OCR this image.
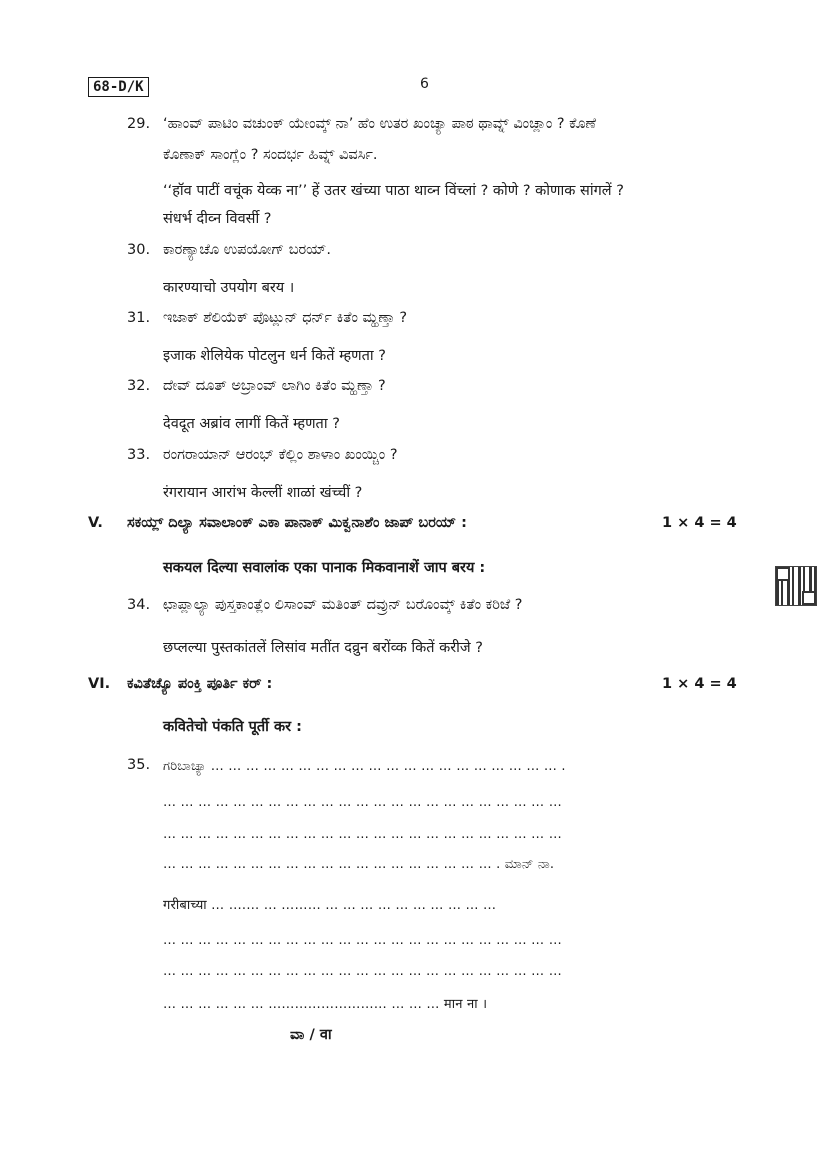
68-D/K	6
29. ‘ಹಾಂವ್ ಪಾಟಿಂ ವಚುಂಕ್ ಯೇಂವ್ಕ್ ನಾ’ ಹೆಂ ಉತರ ಖಂಚ್ಯಾ ಪಾಠ ಥಾವ್ನ್ ವಿಂಚ್ಲಾಂ ? ಕೊಣೆ
ಕೊಣಾಕ್ ಸಾಂಗ್ಲೆಂ ? ಸಂದರ್ಭ ಹಿವ್ನ್ ವಿವರ್ಸಿ.
‘‘हॉव पाटीं वचूंक येव्क ना’’ हें उतर खंच्या पाठा थाव्न विंच्लां ? कोणे ? कोणाक सांगलें ?
संधर्भ दीव्न विवर्सी ?
30. ಕಾರಣ್ಯಾಚೊ ಉಪಯೋಗ್ ಬರಯ್.
कारण्याचो उपयोग बरय ।
31. ಇಜಾಕ್ ಶೆಲಿಯೆಕ್ ಪೊಟ್ಲುನ್ ಧರ್ನ್ ಕಿತೆಂ ಮ್ಹಣ್ತಾ ?
इजाक शेलियेक पोटलुन धर्न कितें म्हणता ?
32. ದೇವ್ ದೂತ್ ಅಬ್ರಾಂವ್ ಲಾಗಿಂ ಕಿತೆಂ ಮ್ಹಣ್ತಾ ?
देवदूत अब्रांव लागीं कितें म्हणता ?
33. ರಂಗರಾಯಾನ್ ಆರಂಭ್ ಕೆಲ್ಲಿಂ ಶಾಳಾಂ ಖಂಯ್ಚಿಂ ?
रंगरायान आरांभ केल्लीं शाळां खंच्चीं ?
V. ಸಕಯ್ಲ್ ದಿಲ್ಯಾ ಸವಾಲಾಂಕ್ ಎಕಾ ಪಾನಾಕ್ ಮಿಕ್ವನಾಶೆಂ ಜಾಪ್ ಬರಯ್ :	1 × 4 = 4
सकयल दिल्या सवालांक एका पानाक मिकवानाशें जाप बरय :
34. ಛಾಪ್ಲಾಲ್ಯಾ ಪುಸ್ತಕಾಂತ್ಲೆಂ ಲಿಸಾಂವ್ ಮತಿಂತ್ ದವ್ರುನ್ ಬರೊಂವ್ಕ್ ಕಿತೆಂ ಕರಿಜೆ ?
छप्लल्या पुस्तकांतलें लिसांव मतींत दव्रुन बरोंव्क कितें करीजे ?
VI. ಕವಿತೆಚ್ಯೊ ಪಂಕ್ತಿ ಪೂರ್ತಿ ಕರ್ :	1 × 4 = 4
कवितेचो पंकति पूर्ती कर :
35. ಗರಿಬಾಚ್ಯಾ … … … … … … … … … … … … … … … … … … … … .
… … … … … … … … … … … … … … … … … … … … … … …
… … … … … … … … … … … … … … … … … … … … … … …
… … … … … … … … … … … … … … … … … … … . ಮಾನ್ ನಾ.
गरीबाच्या … ….… … ……… … … … … … … … … … …
… … … … … … … … … … … … … … … … … … … … … … …
… … … … … … … … … … … … … … … … … … … … … … …
… … … … … … ……………………… … … … मान ना ।
ವಾ / वा
